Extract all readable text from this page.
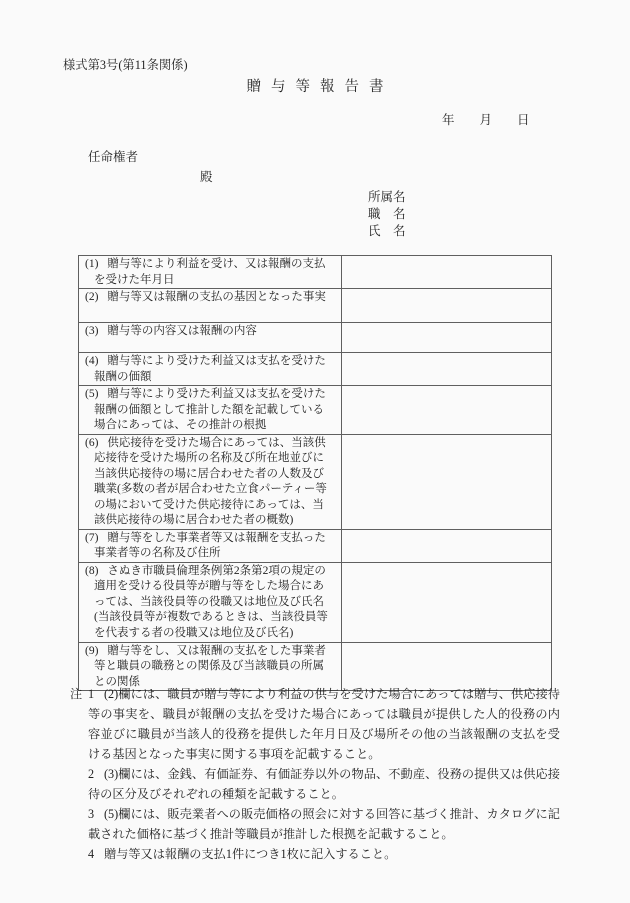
様式第3号(第11条関係)
贈与等報告書
年　　月　　日
任命権者
殿
所属名
職　名
氏　名
(1) 贈与等により利益を受け、又は報酬の支払を受けた年月日	
(2) 贈与等又は報酬の支払の基因となった事実	
(3) 贈与等の内容又は報酬の内容	
(4) 贈与等により受けた利益又は支払を受けた報酬の価額	
(5) 贈与等により受けた利益又は支払を受けた報酬の価額として推計した額を記載している場合にあっては、その推計の根拠	
(6) 供応接待を受けた場合にあっては、当該供応接待を受けた場所の名称及び所在地並びに当該供応接待の場に居合わせた者の人数及び職業(多数の者が居合わせた立食パーティー等の場において受けた供応接待にあっては、当該供応接待の場に居合わせた者の概数)	
(7) 贈与等をした事業者等又は報酬を支払った事業者等の名称及び住所	
(8) さぬき市職員倫理条例第2条第2項の規定の適用を受ける役員等が贈与等をした場合にあっては、当該役員等の役職又は地位及び氏名(当該役員等が複数であるときは、当該役員等を代表する者の役職又は地位及び氏名)	
(9) 贈与等をし、又は報酬の支払をした事業者等と職員の職務との関係及び当該職員の所属との関係	
注 1 (2)欄には、職員が贈与等により利益の供与を受けた場合にあっては贈与、供応接待等の事実を、職員が報酬の支払を受けた場合にあっては職員が提供した人的役務の内容並びに職員が当該人的役務を提供した年月日及び場所その他の当該報酬の支払を受ける基因となった事実に関する事項を記載すること。
2 (3)欄には、金銭、有価証券、有価証券以外の物品、不動産、役務の提供又は供応接待の区分及びそれぞれの種類を記載すること。
3 (5)欄には、販売業者への販売価格の照会に対する回答に基づく推計、カタログに記載された価格に基づく推計等職員が推計した根拠を記載すること。
4 贈与等又は報酬の支払1件につき1枚に記入すること。
